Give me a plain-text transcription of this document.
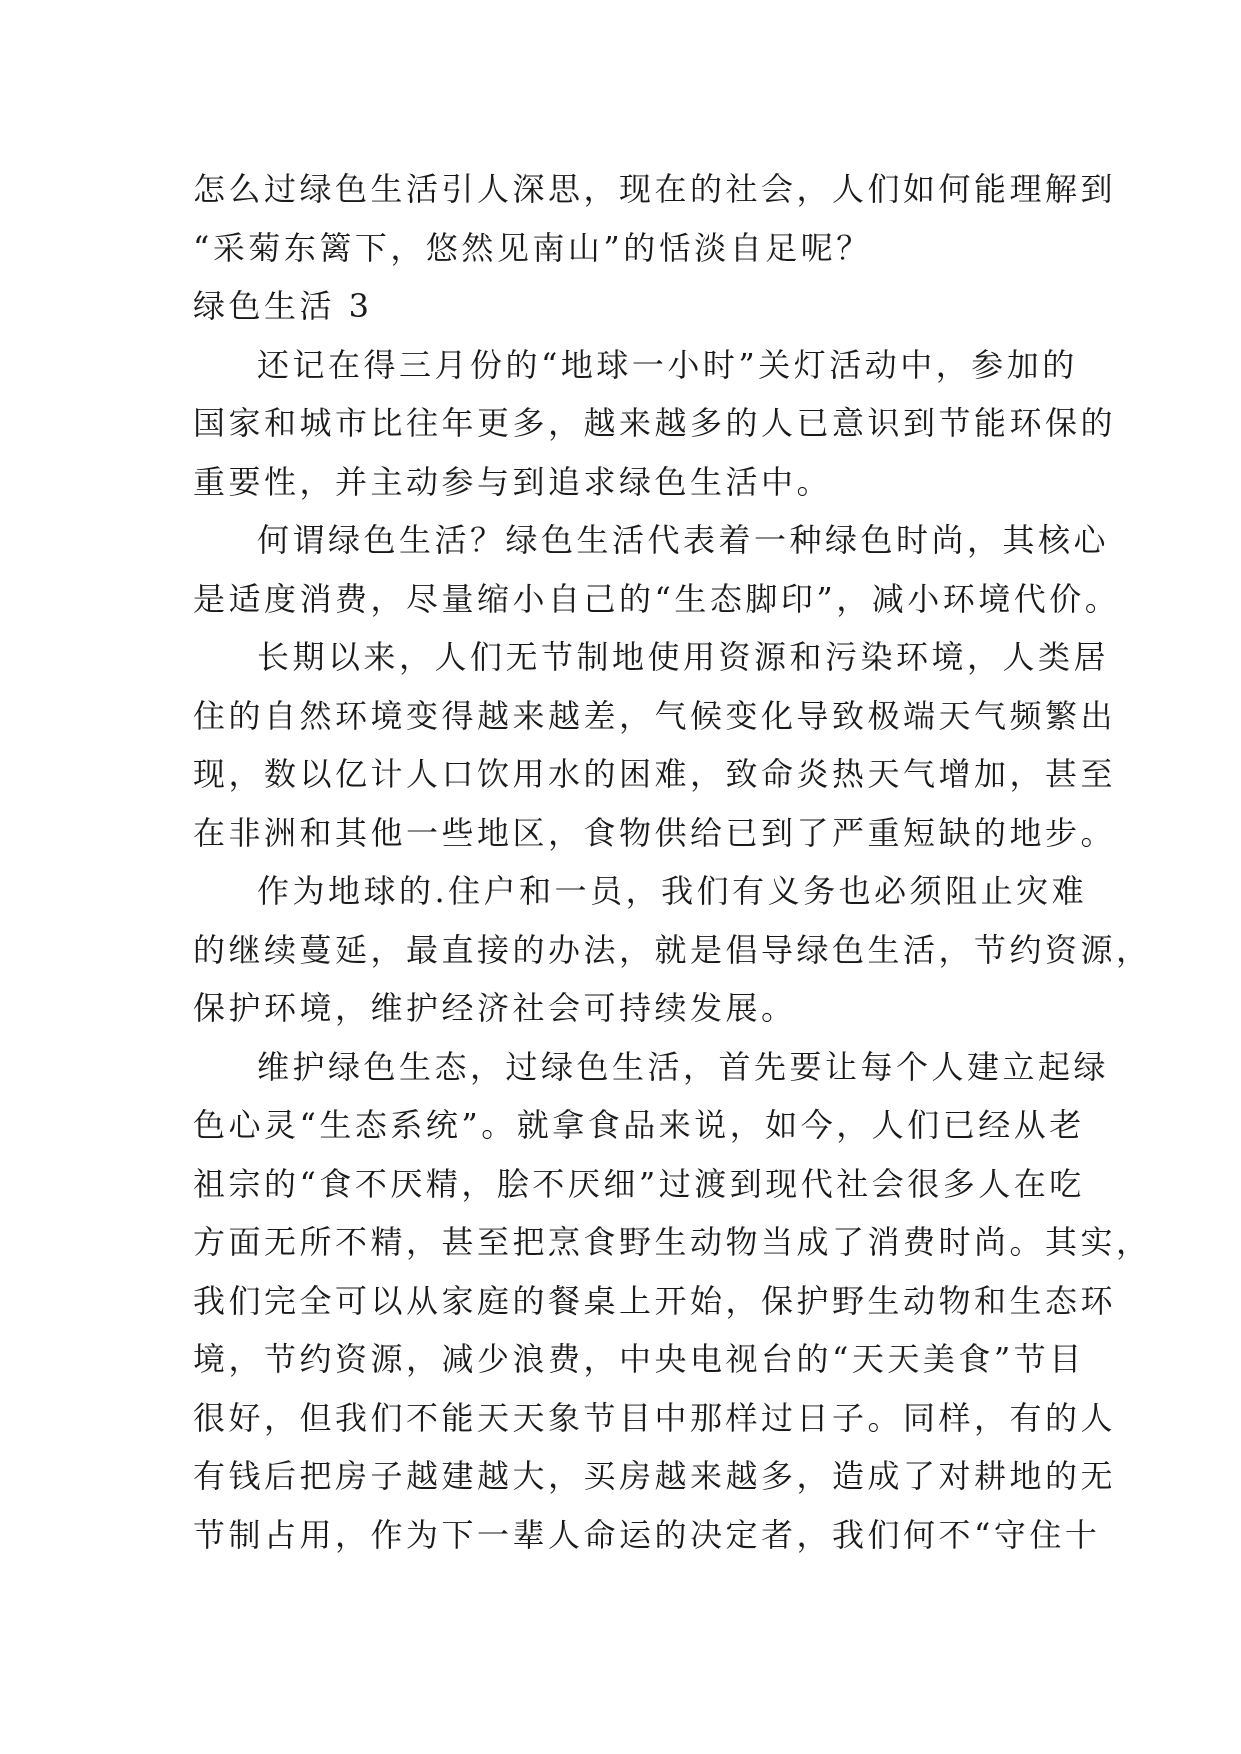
怎么过绿色生活引人深思，现在的社会，人们如何能理解到
“采菊东篱下，悠然见南山”的恬淡自足呢？
绿色生活 3
还记在得三月份的“地球一小时”关灯活动中，参加的
国家和城市比往年更多，越来越多的人已意识到节能环保的
重要性，并主动参与到追求绿色生活中。
何谓绿色生活？绿色生活代表着一种绿色时尚，其核心
是适度消费，尽量缩小自己的“生态脚印”，减小环境代价。
长期以来，人们无节制地使用资源和污染环境，人类居
住的自然环境变得越来越差，气候变化导致极端天气频繁出
现，数以亿计人口饮用水的困难，致命炎热天气增加，甚至
在非洲和其他一些地区，食物供给已到了严重短缺的地步。
作为地球的.住户和一员，我们有义务也必须阻止灾难
的继续蔓延，最直接的办法，就是倡导绿色生活，节约资源，
保护环境，维护经济社会可持续发展。
维护绿色生态，过绿色生活，首先要让每个人建立起绿
色心灵“生态系统”。就拿食品来说，如今，人们已经从老
祖宗的“食不厌精，脍不厌细”过渡到现代社会很多人在吃
方面无所不精，甚至把烹食野生动物当成了消费时尚。其实，
我们完全可以从家庭的餐桌上开始，保护野生动物和生态环
境，节约资源，减少浪费，中央电视台的“天天美食”节目
很好，但我们不能天天象节目中那样过日子。同样，有的人
有钱后把房子越建越大，买房越来越多，造成了对耕地的无
节制占用，作为下一辈人命运的决定者，我们何不“守住十
